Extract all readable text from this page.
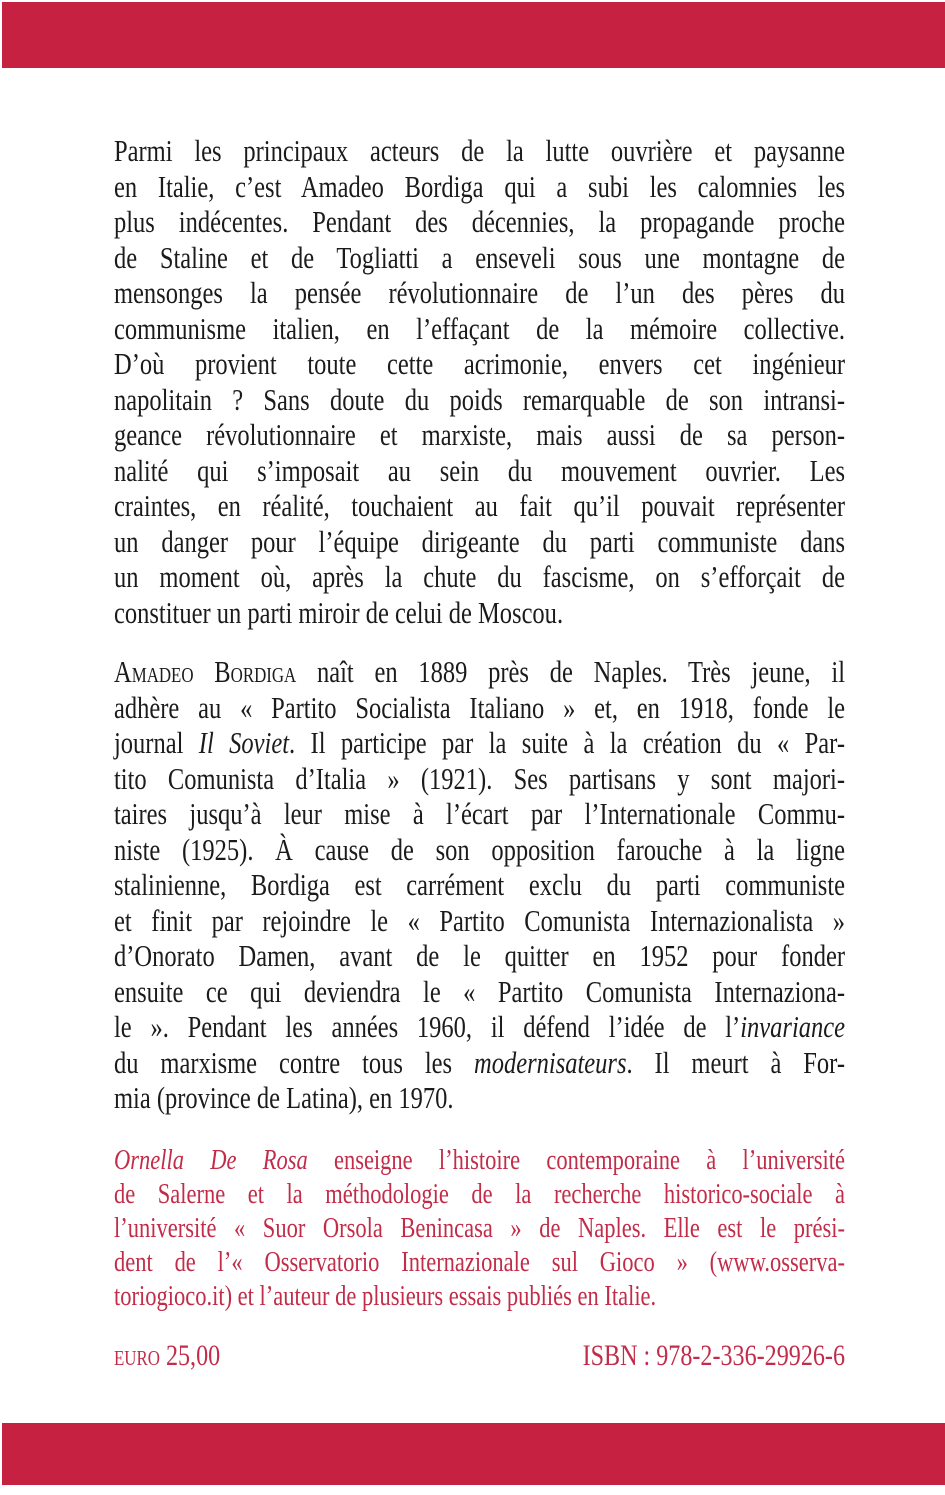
Parmi les principaux acteurs de la lutte ouvrière et paysanne
en Italie, c’est Amadeo Bordiga qui a subi les calomnies les
plus indécentes. Pendant des décennies, la propagande proche
de Staline et de Togliatti a enseveli sous une montagne de
mensonges la pensée révolutionnaire de l’un des pères du
communisme italien, en l’effaçant de la mémoire collective.
D’où provient toute cette acrimonie, envers cet ingénieur
napolitain ? Sans doute du poids remarquable de son intransi-
geance révolutionnaire et marxiste, mais aussi de sa person-
nalité qui s’imposait au sein du mouvement ouvrier. Les
craintes, en réalité, touchaient au fait qu’il pouvait représenter
un danger pour l’équipe dirigeante du parti communiste dans
un moment où, après la chute du fascisme, on s’efforçait de
constituer un parti miroir de celui de Moscou.
Amadeo Bordiga naît en 1889 près de Naples. Très jeune, il
adhère au « Partito Socialista Italiano » et, en 1918, fonde le
journal Il Soviet. Il participe par la suite à la création du « Par-
tito Comunista d’Italia » (1921). Ses partisans y sont majori-
taires jusqu’à leur mise à l’écart par l’Internationale Commu-
niste (1925). À cause de son opposition farouche à la ligne
stalinienne, Bordiga est carrément exclu du parti communiste
et finit par rejoindre le « Partito Comunista Internazionalista »
d’Onorato Damen, avant de le quitter en 1952 pour fonder
ensuite ce qui deviendra le « Partito Comunista Internaziona-
le ». Pendant les années 1960, il défend l’idée de l’invariance
du marxisme contre tous les modernisateurs. Il meurt à For-
mia (province de Latina), en 1970.
Ornella De Rosa enseigne l’histoire contemporaine à l’université
de Salerne et la méthodologie de la recherche historico-sociale à
l’université « Suor Orsola Benincasa » de Naples. Elle est le prési-
dent de l’« Osservatorio Internazionale sul Gioco » (www.osserva-
toriogioco.it) et l’auteur de plusieurs essais publiés en Italie.
euro 25,00	ISBN : 978-2-336-29926-6
